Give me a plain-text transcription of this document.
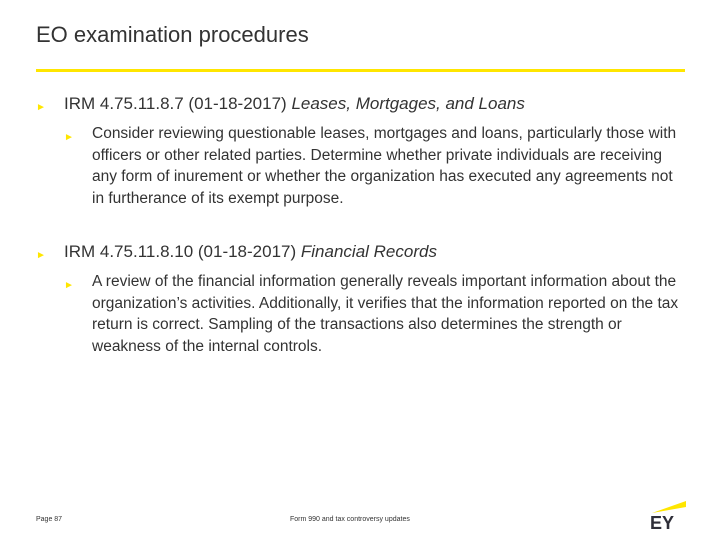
EO examination procedures
► IRM 4.75.11.8.7 (01-18-2017) Leases, Mortgages, and Loans
► Consider reviewing questionable leases, mortgages and loans, particularly those with officers or other related parties. Determine whether private individuals are receiving any form of inurement or whether the organization has executed any agreements not in furtherance of its exempt purpose.
► IRM 4.75.11.8.10 (01-18-2017) Financial Records
► A review of the financial information generally reveals important information about the organization’s activities. Additionally, it verifies that the information reported on the tax return is correct. Sampling of the transactions also determines the strength or weakness of the internal controls.
Page 87	Form 990 and tax controversy updates	EY
